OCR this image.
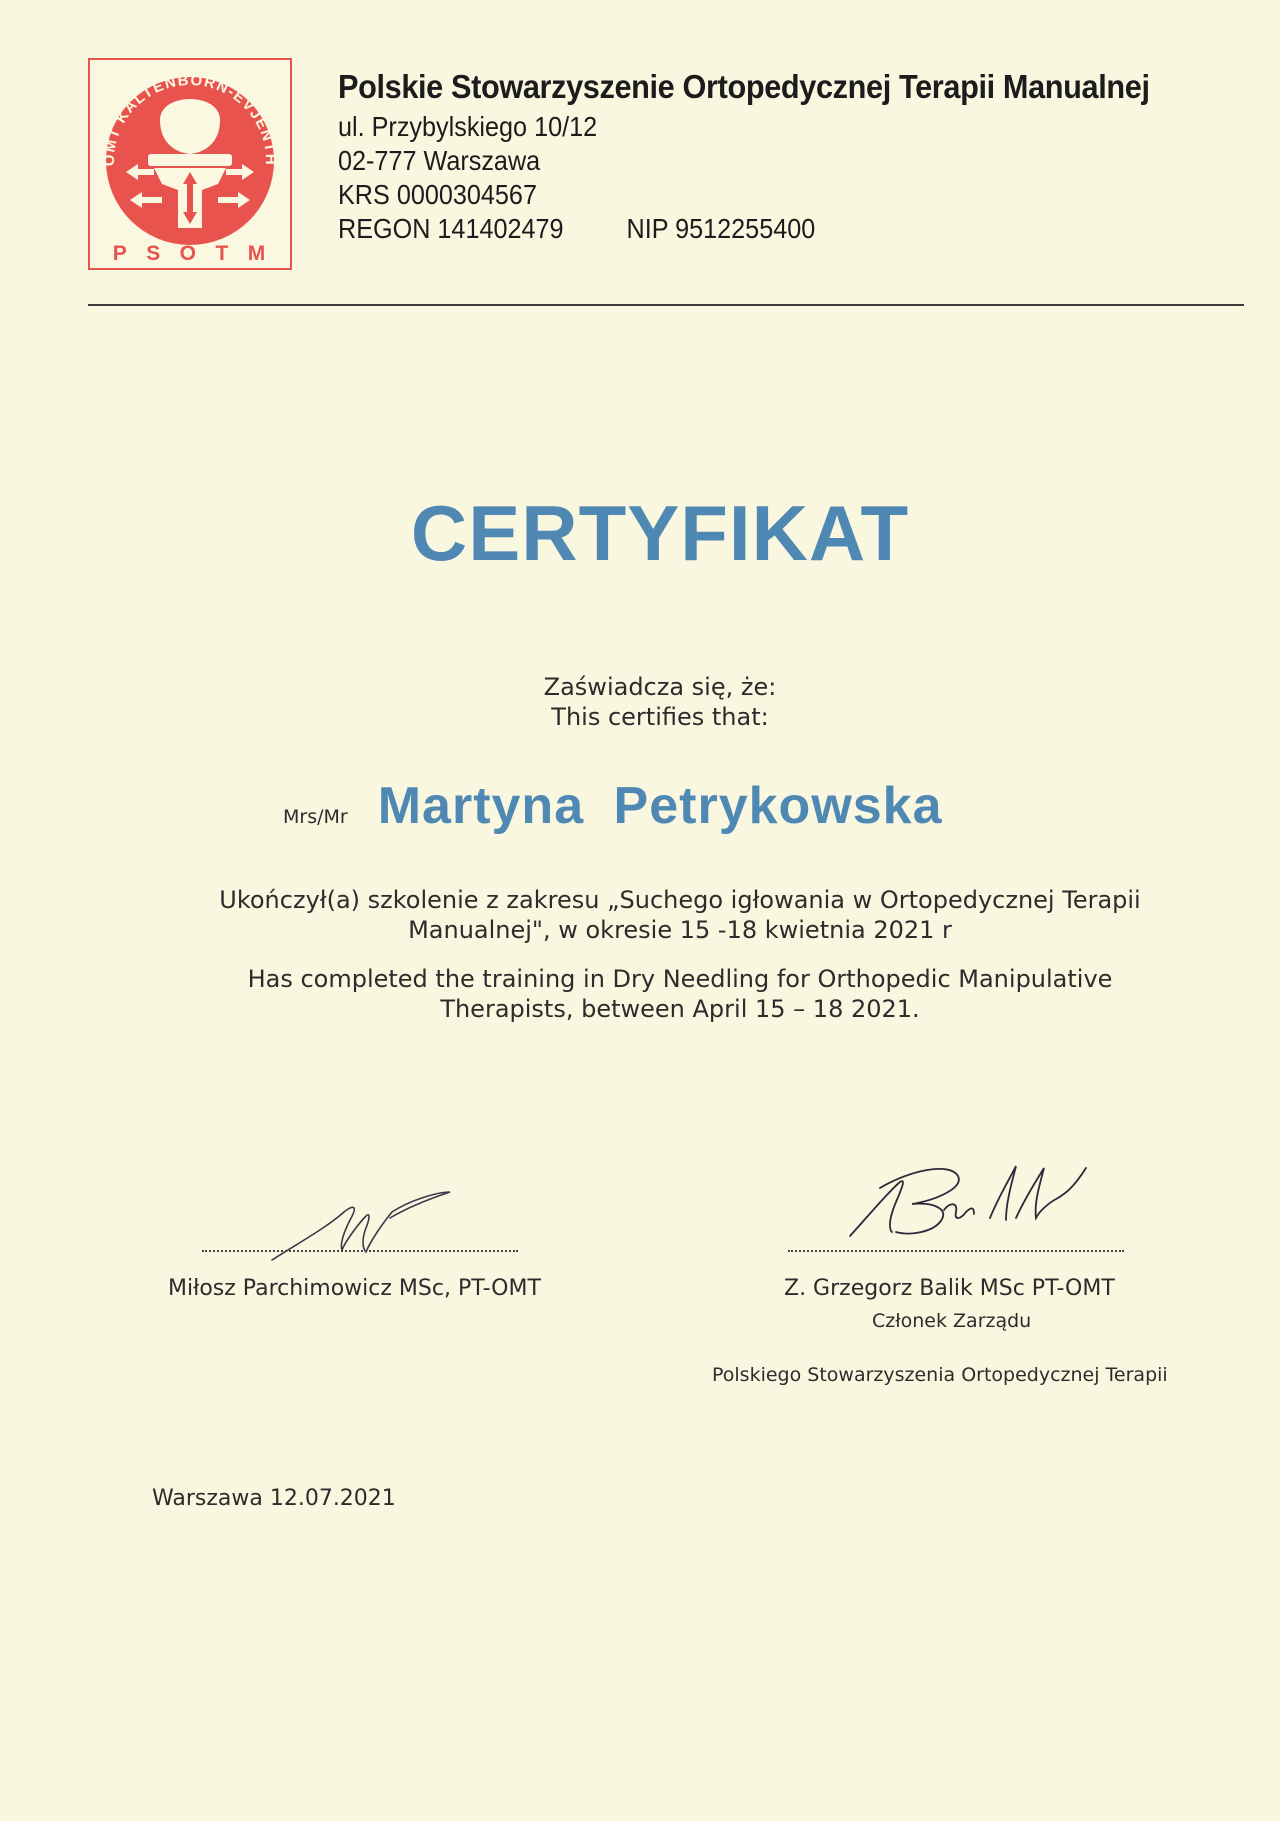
OMT KALTENBORN-EVJENTH
P S O T M
Polskie Stowarzyszenie Ortopedycznej Terapii Manualnej
ul. Przybylskiego 10/12
02-777 Warszawa
KRS 0000304567
REGON 141402479 NIP 9512255400
CERTYFIKAT
Zaświadcza się, że:
This certifies that:
Mrs/Mr Martyna Petrykowska
Ukończył(a) szkolenie z zakresu „Suchego igłowania w Ortopedycznej Terapii
Manualnej", w okresie 15 -18 kwietnia 2021 r
Has completed the training in Dry Needling for Orthopedic Manipulative
Therapists, between April 15 – 18 2021.
Miłosz Parchimowicz MSc, PT-OMT	Z. Grzegorz Balik MSc PT-OMT
Członek Zarządu
Polskiego Stowarzyszenia Ortopedycznej Terapii
Warszawa 12.07.2021
